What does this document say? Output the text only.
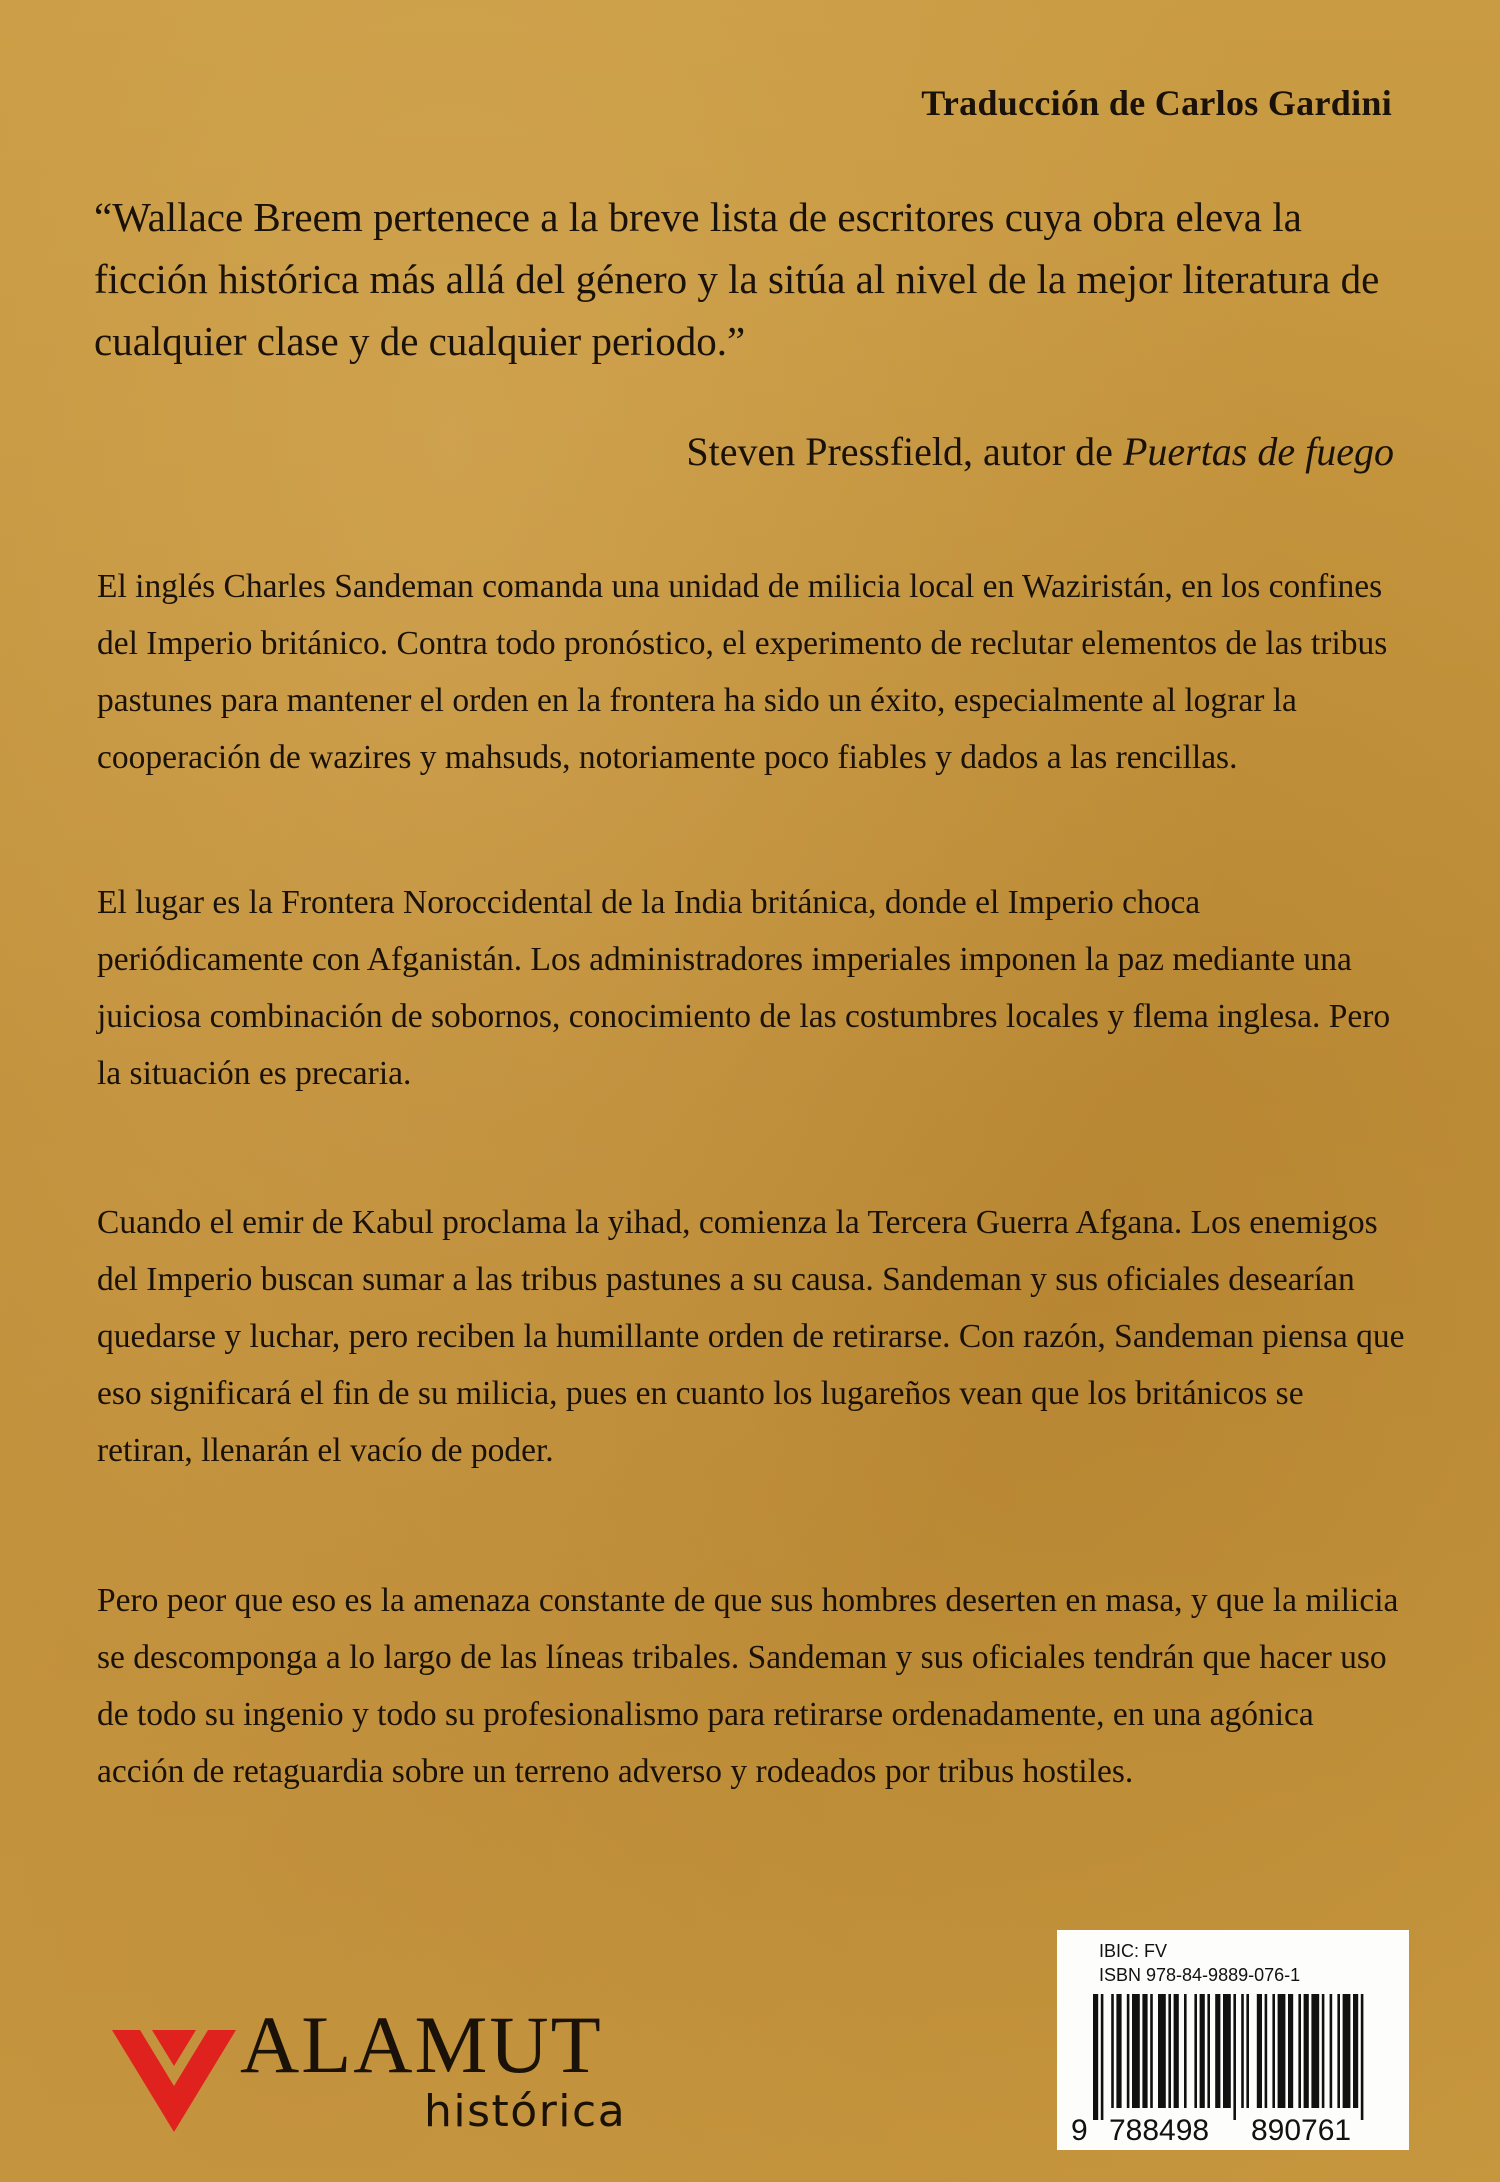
Traducción de Carlos Gardini

“Wallace Breem pertenece a la breve lista de escritores cuya obra eleva la ficción histórica más allá del género y la sitúa al nivel de la mejor literatura de cualquier clase y de cualquier periodo.”

Steven Pressfield, autor de Puertas de fuego

El inglés Charles Sandeman comanda una unidad de milicia local en Waziristán, en los confines del Imperio británico. Contra todo pronóstico, el experimento de reclutar elementos de las tribus pastunes para mantener el orden en la frontera ha sido un éxito, especialmente al lograr la cooperación de wazires y mahsuds, notoriamente poco fiables y dados a las rencillas.

El lugar es la Frontera Noroccidental de la India británica, donde el Imperio choca periódicamente con Afganistán. Los administradores imperiales imponen la paz mediante una juiciosa combinación de sobornos, conocimiento de las costumbres locales y flema inglesa. Pero la situación es precaria.

Cuando el emir de Kabul proclama la yihad, comienza la Tercera Guerra Afgana. Los enemigos del Imperio buscan sumar a las tribus pastunes a su causa. Sandeman y sus oficiales desearían quedarse y luchar, pero reciben la humillante orden de retirarse. Con razón, Sandeman piensa que eso significará el fin de su milicia, pues en cuanto los lugareños vean que los británicos se retiran, llenarán el vacío de poder.

Pero peor que eso es la amenaza constante de que sus hombres deserten en masa, y que la milicia se descomponga a lo largo de las líneas tribales. Sandeman y sus oficiales tendrán que hacer uso de todo su ingenio y todo su profesionalismo para retirarse ordenadamente, en una agónica acción de retaguardia sobre un terreno adverso y rodeados por tribus hostiles.

ALAMUT
histórica
IBIC: FV
ISBN 978-84-9889-076-1
9 788498 890761
